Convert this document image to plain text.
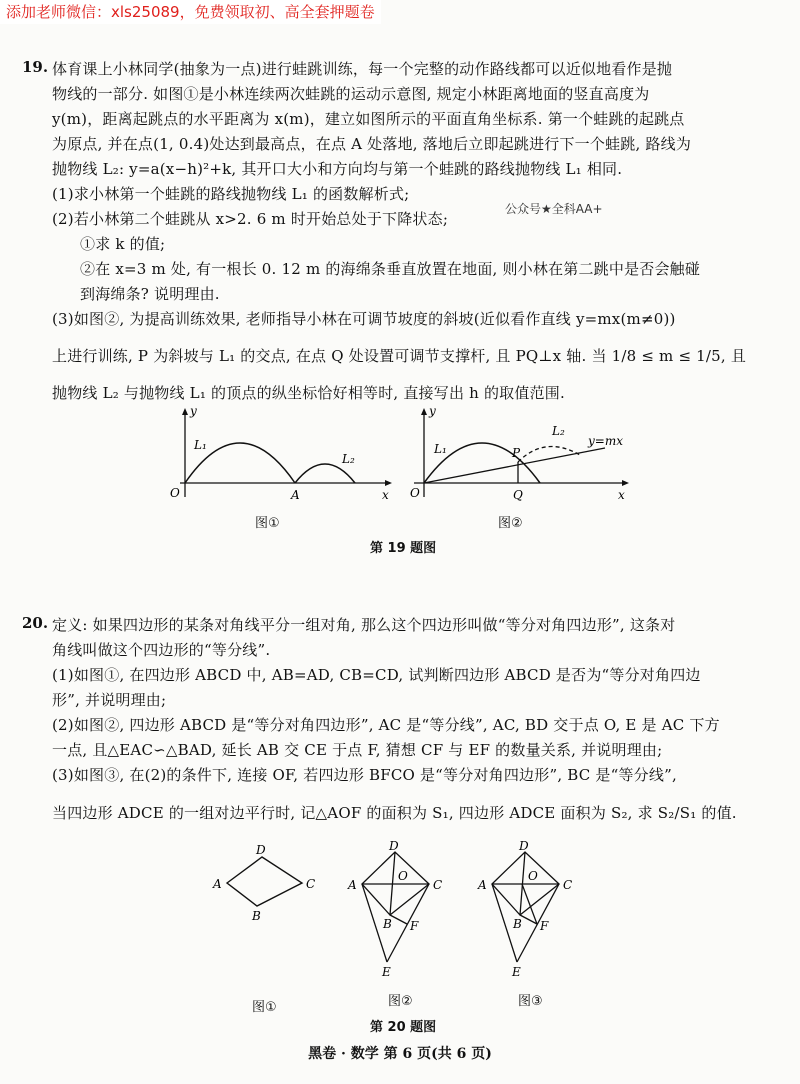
添加老师微信：xls25089，免费领取初、高全套押题卷
19. 体育课上小林同学(抽象为一点)进行蛙跳训练，每一个完整的动作路线都可以近似地看作是抛
物线的一部分. 如图①是小林连续两次蛙跳的运动示意图, 规定小林距离地面的竖直高度为
y(m)，距离起跳点的水平距离为 x(m)，建立如图所示的平面直角坐标系. 第一个蛙跳的起跳点
为原点, 并在点(1, 0.4)处达到最高点，在点 A 处落地, 落地后立即起跳进行下一个蛙跳, 路线为
抛物线 L₂: y=a(x−h)²+k, 其开口大小和方向均与第一个蛙跳的路线抛物线 L₁ 相同.
(1)求小林第一个蛙跳的路线抛物线 L₁ 的函数解析式;
公众号★全科AA+
(2)若小林第二个蛙跳从 x>2. 6 m 时开始总处于下降状态;
①求 k 的值;
②在 x=3 m 处, 有一根长 0. 12 m 的海绵条垂直放置在地面, 则小林在第二跳中是否会触碰
到海绵条? 说明理由.
(3)如图②, 为提高训练效果, 老师指导小林在可调节坡度的斜坡(近似看作直线 y=mx(m≠0))
上进行训练, P 为斜坡与 L₁ 的交点, 在点 Q 处设置可调节支撑杆, 且 PQ⊥x 轴. 当 1/8 ≤ m ≤ 1/5, 且
抛物线 L₂ 与抛物线 L₁ 的顶点的纵坐标恰好相等时, 直接写出 h 的取值范围.
y
x
O	A
L₁
L₂
y
x
O	Q
P
L₁
L₂
y=mx
图①	图②
第 19 题图
20. 定义: 如果四边形的某条对角线平分一组对角, 那么这个四边形叫做“等分对角四边形”, 这条对
角线叫做这个四边形的“等分线”.
(1)如图①, 在四边形 ABCD 中, AB=AD, CB=CD, 试判断四边形 ABCD 是否为“等分对角四边
形”, 并说明理由;
(2)如图②, 四边形 ABCD 是“等分对角四边形”, AC 是“等分线”, AC, BD 交于点 O, E 是 AC 下方
一点, 且△EAC∽△BAD, 延长 AB 交 CE 于点 F, 猜想 CF 与 EF 的数量关系, 并说明理由;
(3)如图③, 在(2)的条件下, 连接 OF, 若四边形 BFCO 是“等分对角四边形”, BC 是“等分线”,
当四边形 ADCE 的一组对边平行时, 记△AOF 的面积为 S₁, 四边形 ADCE 面积为 S₂, 求 S₂/S₁ 的值.
A
D
C
B
A
D
C
O
B F
E
A
D
C
O
B F
E
图①	图②	图③
第 20 题图
黑卷 · 数学 第 6 页(共 6 页)
